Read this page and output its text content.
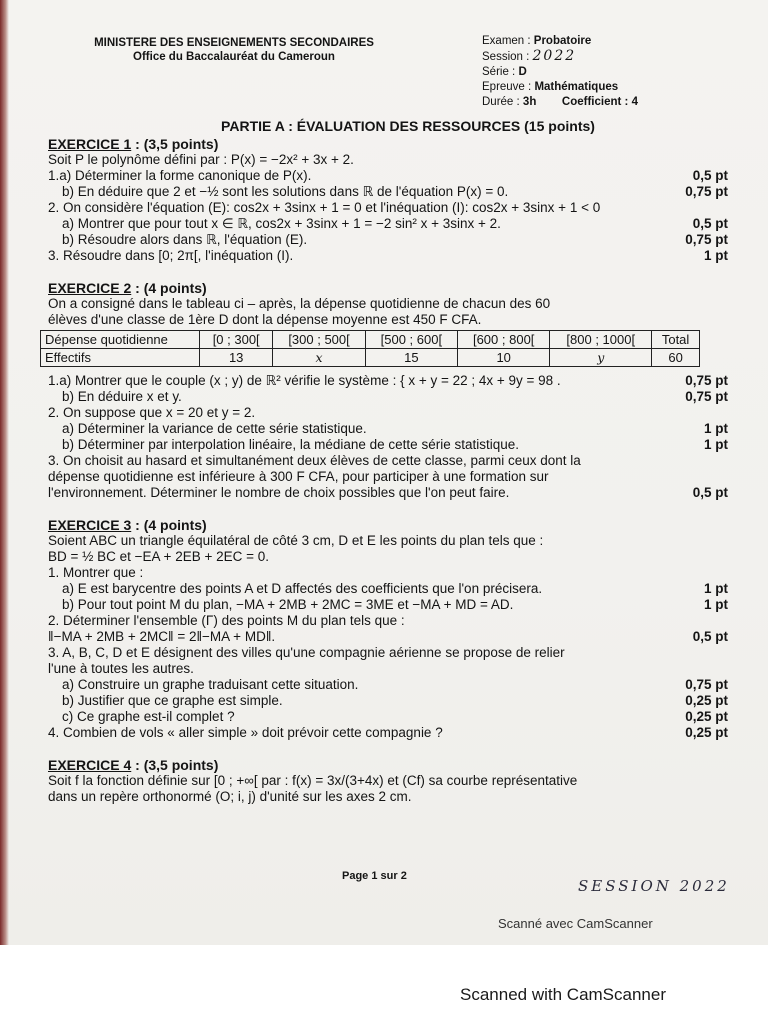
MINISTERE DES ENSEIGNEMENTS SECONDAIRES
Office du Baccalauréat du Cameroun
Examen : Probatoire
Session : 2022
Série : D
Epreuve : Mathématiques
Durée : 3h Coefficient : 4
PARTIE A : ÉVALUATION DES RESSOURCES (15 points)
EXERCICE 1 : (3,5 points)
Soit P le polynôme défini par : P(x) = −2x² + 3x + 2.
1.a) Déterminer la forme canonique de P(x).	0,5 pt
b) En déduire que 2 et −½ sont les solutions dans ℝ de l'équation P(x) = 0.	0,75 pt
2. On considère l'équation (E): cos2x + 3sinx + 1 = 0 et l'inéquation (I): cos2x + 3sinx + 1 < 0
a) Montrer que pour tout x ∈ ℝ, cos2x + 3sinx + 1 = −2 sin² x + 3sinx + 2.	0,5 pt
b) Résoudre alors dans ℝ, l'équation (E).	0,75 pt
3. Résoudre dans [0; 2π[, l'inéquation (I).	1 pt
EXERCICE 2 : (4 points)
On a consigné dans le tableau ci – après, la dépense quotidienne de chacun des 60
élèves d'une classe de 1ère D dont la dépense moyenne est 450 F CFA.
Dépense quotidienne	[0 ; 300[	[300 ; 500[	[500 ; 600[	[600 ; 800[	[800 ; 1000[	Total
Effectifs	13	x	15	10	y	60
1.a) Montrer que le couple (x ; y) de ℝ² vérifie le système : { x + y = 22 ; 4x + 9y = 98 .	0,75 pt
b) En déduire x et y.	0,75 pt
2. On suppose que x = 20 et y = 2.
a) Déterminer la variance de cette série statistique.	1 pt
b) Déterminer par interpolation linéaire, la médiane de cette série statistique.	1 pt
3. On choisit au hasard et simultanément deux élèves de cette classe, parmi ceux dont la
dépense quotidienne est inférieure à 300 F CFA, pour participer à une formation sur
l'environnement. Déterminer le nombre de choix possibles que l'on peut faire.	0,5 pt
EXERCICE 3 : (4 points)
Soient ABC un triangle équilatéral de côté 3 cm, D et E les points du plan tels que :
BD = ½ BC et −EA + 2EB + 2EC = 0.
1. Montrer que :
a) E est barycentre des points A et D affectés des coefficients que l'on précisera.	1 pt
b) Pour tout point M du plan, −MA + 2MB + 2MC = 3ME et −MA + MD = AD.	1 pt
2. Déterminer l'ensemble (Γ) des points M du plan tels que :
‖−MA + 2MB + 2MC‖ = 2‖−MA + MD‖.	0,5 pt
3. A, B, C, D et E désignent des villes qu'une compagnie aérienne se propose de relier
l'une à toutes les autres.
a) Construire un graphe traduisant cette situation.	0,75 pt
b) Justifier que ce graphe est simple.	0,25 pt
c) Ce graphe est-il complet ?	0,25 pt
4. Combien de vols « aller simple » doit prévoir cette compagnie ?	0,25 pt
EXERCICE 4 : (3,5 points)
Soit f la fonction définie sur [0 ; +∞[ par : f(x) = 3x/(3+4x) et (Cf) sa courbe représentative
dans un repère orthonormé (O; i, j) d'unité sur les axes 2 cm.
Page 1 sur 2
SESSION 2022
Scanné avec CamScanner
Scanned with CamScanner
